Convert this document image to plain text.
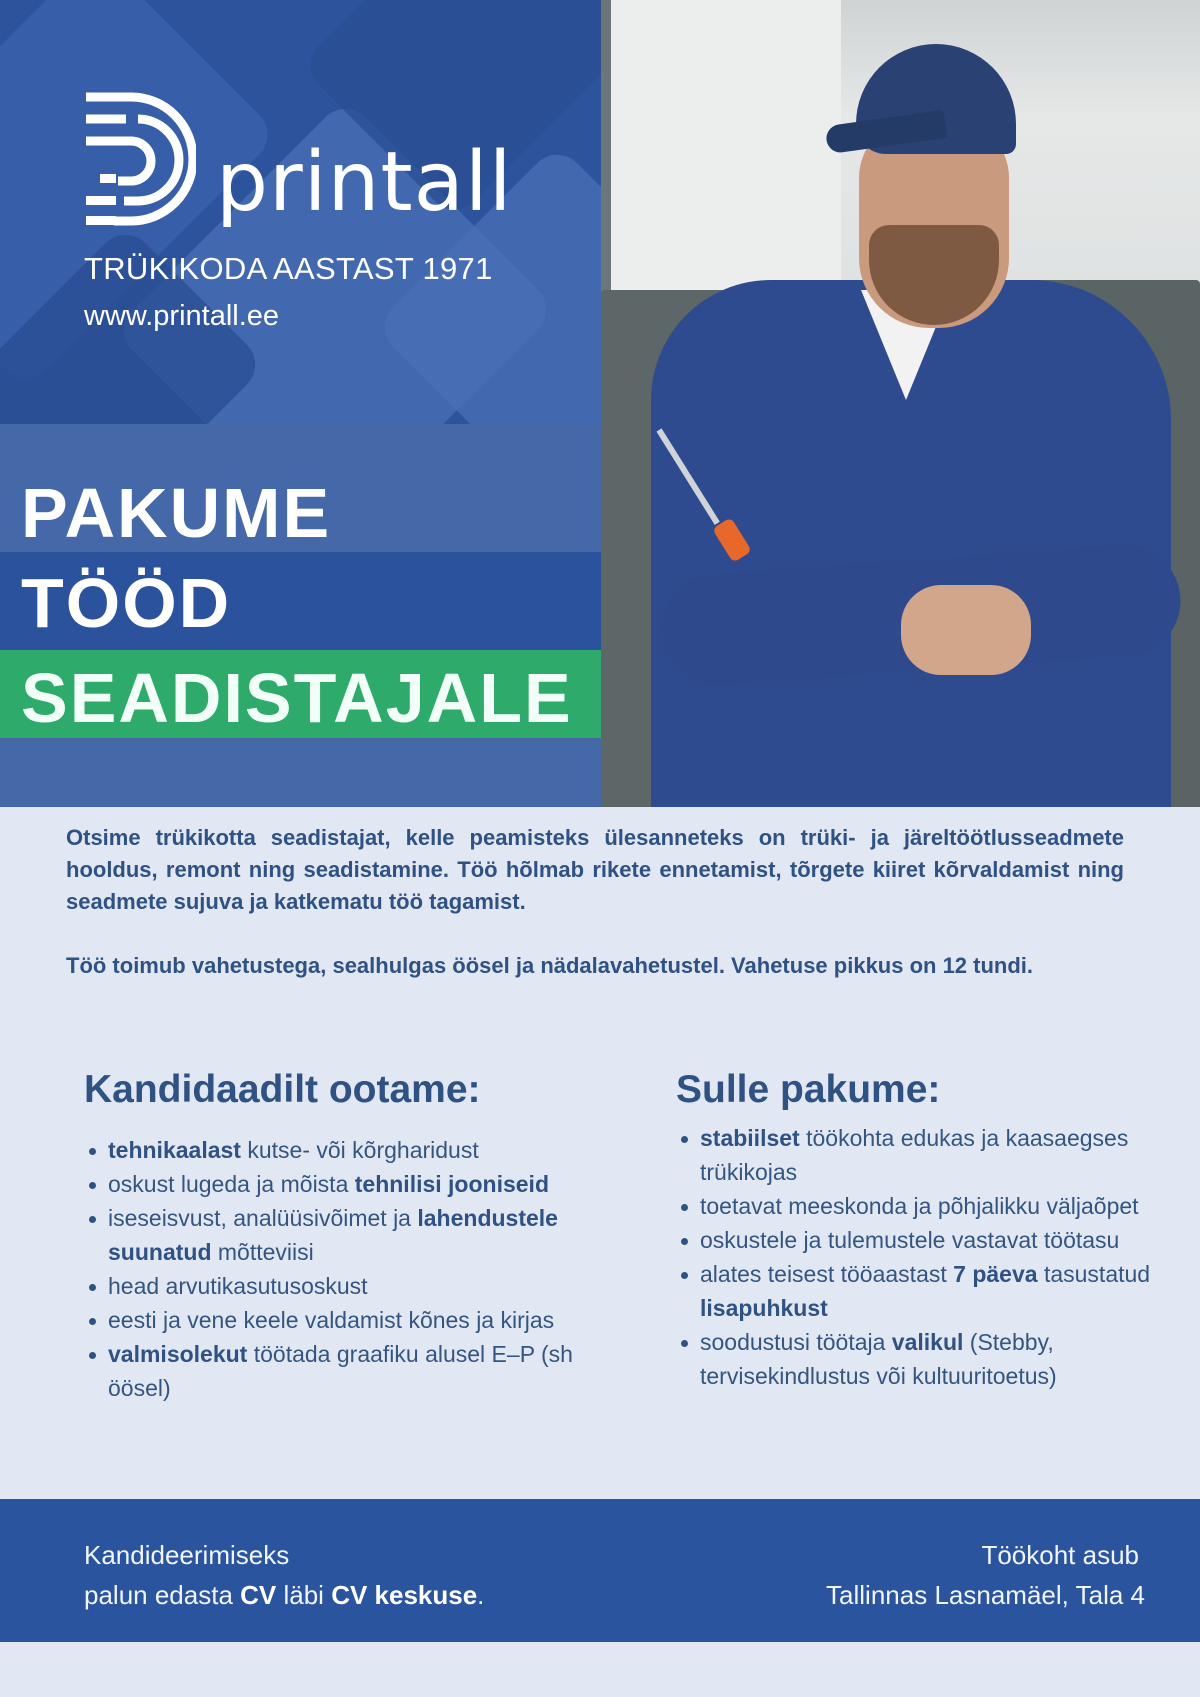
printall
TRÜKIKODA AASTAST 1971
www.printall.ee
PAKUME
TÖÖD
SEADISTAJALE

Otsime trükikotta seadistajat, kelle peamisteks ülesanneteks on trüki- ja järeltöötlusseadmete hooldus, remont ning seadistamine. Töö hõlmab rikete ennetamist, tõrgete kiiret kõrvaldamist ning seadmete sujuva ja katkematu töö tagamist.

Töö toimub vahetustega, sealhulgas öösel ja nädalavahetustel. Vahetuse pikkus on 12 tundi.

Kandidaadilt ootame:
tehnikaalast kutse- või kõrgharidust
oskust lugeda ja mõista tehnilisi jooniseid
iseseisvust, analüüsivõimet ja lahendustele suunatud mõtteviisi
head arvutikasutusoskust
eesti ja vene keele valdamist kõnes ja kirjas
valmisolekut töötada graafiku alusel E–P (sh öösel)
Sulle pakume:
stabiilset töökohta edukas ja kaasaegses trükikojas
toetavat meeskonda ja põhjalikku väljaõpet
oskustele ja tulemustele vastavat töötasu
alates teisest tööaastast 7 päeva tasustatud lisapuhkust
soodustusi töötaja valikul (Stebby, tervisekindlustus või kultuuritoetus)
Kandideerimiseks
palun edasta CV läbi CV keskuse.
Töökoht asub
Tallinnas Lasnamäel, Tala 4
